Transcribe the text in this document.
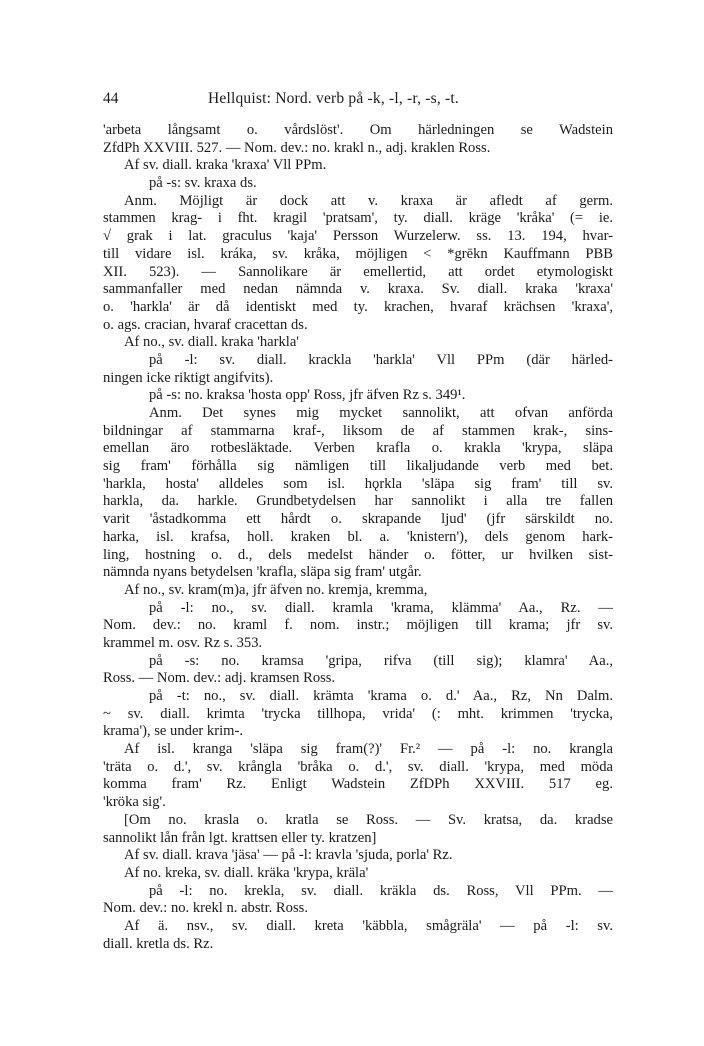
44	Hellquist: Nord. verb på -k, -l, -r, -s, -t.
'arbeta långsamt o. vårdslöst'. Om härledningen se Wadstein
ZfdPh XXVIII. 527. — Nom. dev.: no. krakl n., adj. kraklen Ross.
Af sv. diall. kraka 'kraxa' Vll PPm.
på -s: sv. kraxa ds.
Anm. Möjligt är dock att v. kraxa är afledt af germ.
stammen krag- i fht. kragil 'pratsam', ty. diall. kräge 'kråka' (= ie.
√ grak i lat. graculus 'kaja' Persson Wurzelerw. ss. 13. 194, hvar-
till vidare isl. kráka, sv. kråka, möjligen < *grēkn Kauffmann PBB
XII. 523). — Sannolikare är emellertid, att ordet etymologiskt
sammanfaller med nedan nämnda v. kraxa. Sv. diall. kraka 'kraxa'
o. 'harkla' är då identiskt med ty. krachen, hvaraf krächsen 'kraxa',
o. ags. cracian, hvaraf cracettan ds.
Af no., sv. diall. kraka 'harkla'
på -l: sv. diall. krackla 'harkla' Vll PPm (där härled-
ningen icke riktigt angifvits).
på -s: no. kraksa 'hosta opp' Ross, jfr äfven Rz s. 349¹.
Anm. Det synes mig mycket sannolikt, att ofvan anförda
bildningar af stammarna kraf-, liksom de af stammen krak-, sins-
emellan äro rotbesläktade. Verben krafla o. krakla 'krypa, släpa
sig fram' förhålla sig nämligen till likaljudande verb med bet.
'harkla, hosta' alldeles som isl. hǫrkla 'släpa sig fram' till sv.
harkla, da. harkle. Grundbetydelsen har sannolikt i alla tre fallen
varit 'åstadkomma ett hårdt o. skrapande ljud' (jfr särskildt no.
harka, isl. krafsa, holl. kraken bl. a. 'knistern'), dels genom hark-
ling, hostning o. d., dels medelst händer o. fötter, ur hvilken sist-
nämnda nyans betydelsen 'krafla, släpa sig fram' utgår.
Af no., sv. kram(m)a, jfr äfven no. kremja, kremma,
på -l: no., sv. diall. kramla 'krama, klämma' Aa., Rz. —
Nom. dev.: no. kraml f. nom. instr.; möjligen till krama; jfr sv.
krammel m. osv. Rz s. 353.
på -s: no. kramsa 'gripa, rifva (till sig); klamra' Aa.,
Ross. — Nom. dev.: adj. kramsen Ross.
på -t: no., sv. diall. krämta 'krama o. d.' Aa., Rz, Nn Dalm.
~ sv. diall. krimta 'trycka tillhopa, vrida' (: mht. krimmen 'trycka,
krama'), se under krim-.
Af isl. kranga 'släpa sig fram(?)' Fr.² — på -l: no. krangla
'träta o. d.', sv. krångla 'bråka o. d.', sv. diall. 'krypa, med möda
komma fram' Rz. Enligt Wadstein ZfDPh XXVIII. 517 eg.
'kröka sig'.
[Om no. krasla o. kratla se Ross. — Sv. kratsa, da. kradse
sannolikt lån från lgt. krattsen eller ty. kratzen]
Af sv. diall. krava 'jäsa' — på -l: kravla 'sjuda, porla' Rz.
Af no. kreka, sv. diall. kräka 'krypa, kräla'
på -l: no. krekla, sv. diall. kräkla ds. Ross, Vll PPm. —
Nom. dev.: no. krekl n. abstr. Ross.
Af ä. nsv., sv. diall. kreta 'käbbla, smågräla' — på -l: sv.
diall. kretla ds. Rz.
